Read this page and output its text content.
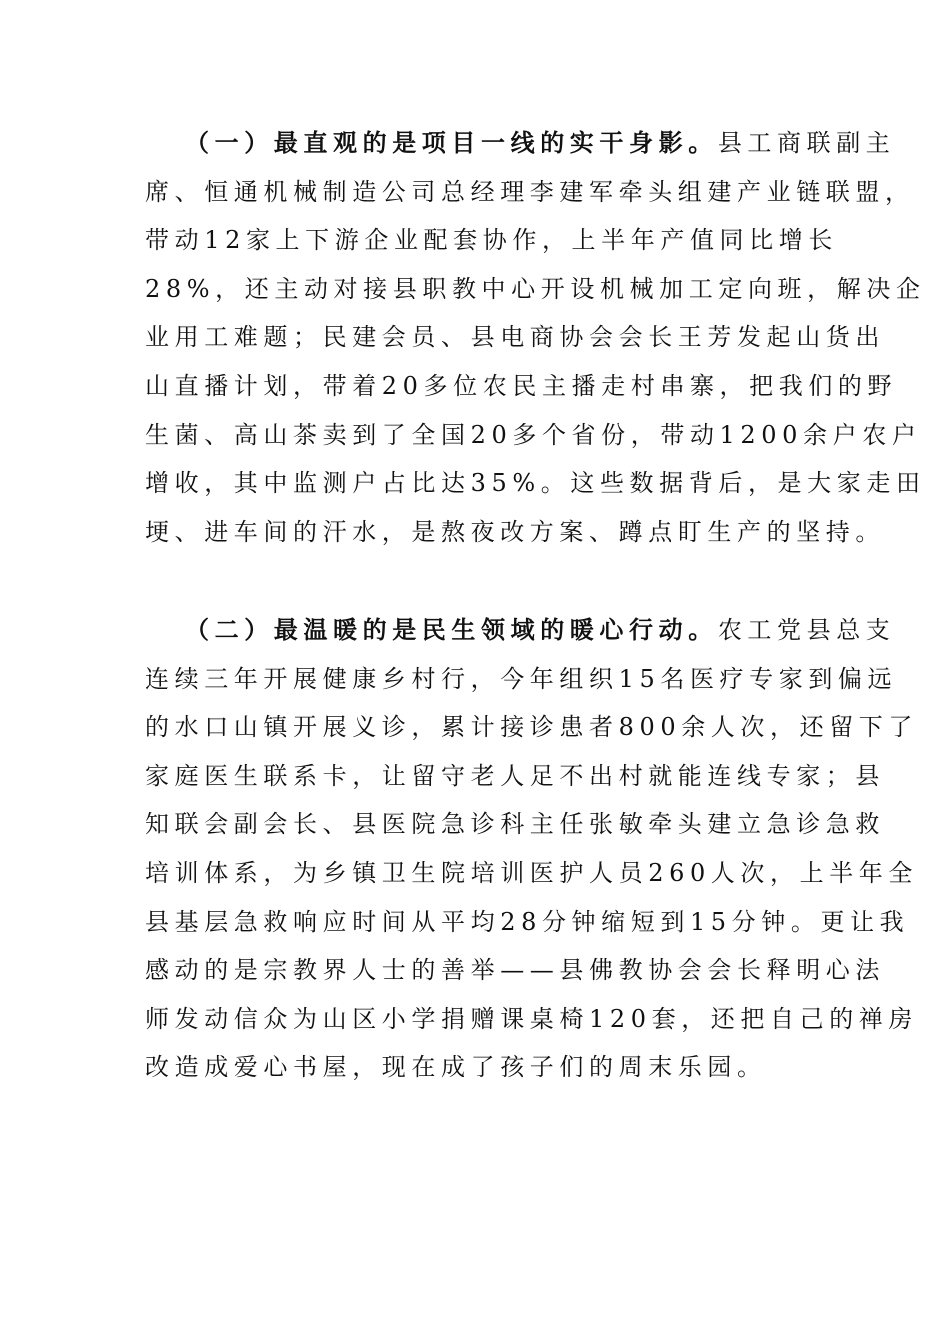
（一）最直观的是项目一线的实干身影。县工商联副主
席、恒通机械制造公司总经理李建军牵头组建产业链联盟，
带动12家上下游企业配套协作，上半年产值同比增长
28%，还主动对接县职教中心开设机械加工定向班，解决企
业用工难题；民建会员、县电商协会会长王芳发起山货出
山直播计划，带着20多位农民主播走村串寨，把我们的野
生菌、高山茶卖到了全国20多个省份，带动1200余户农户
增收，其中监测户占比达35%。这些数据背后，是大家走田
埂、进车间的汗水，是熬夜改方案、蹲点盯生产的坚持。
（二）最温暖的是民生领域的暖心行动。农工党县总支
连续三年开展健康乡村行，今年组织15名医疗专家到偏远
的水口山镇开展义诊，累计接诊患者800余人次，还留下了
家庭医生联系卡，让留守老人足不出村就能连线专家；县
知联会副会长、县医院急诊科主任张敏牵头建立急诊急救
培训体系，为乡镇卫生院培训医护人员260人次，上半年全
县基层急救响应时间从平均28分钟缩短到15分钟。更让我
感动的是宗教界人士的善举——县佛教协会会长释明心法
师发动信众为山区小学捐赠课桌椅120套，还把自己的禅房
改造成爱心书屋，现在成了孩子们的周末乐园。
